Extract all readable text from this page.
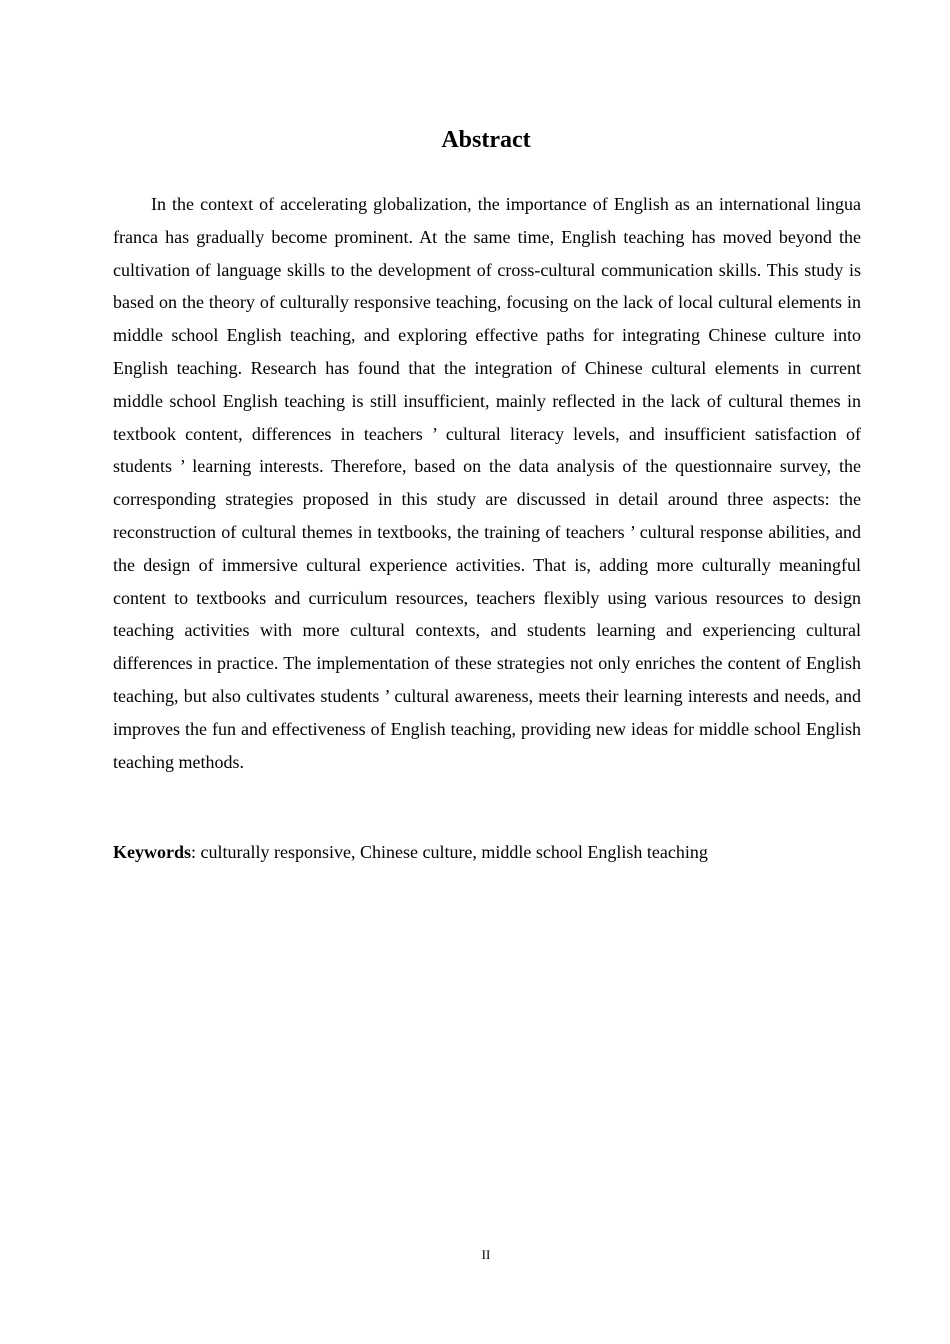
Abstract

In the context of accelerating globalization, the importance of English as an international lingua franca has gradually become prominent. At the same time, English teaching has moved beyond the cultivation of language skills to the development of cross-cultural communication skills. This study is based on the theory of culturally responsive teaching, focusing on the lack of local cultural elements in middle school English teaching, and exploring effective paths for integrating Chinese culture into English teaching. Research has found that the integration of Chinese cultural elements in current middle school English teaching is still insufficient, mainly reflected in the lack of cultural themes in textbook content, differences in teachers ’ cultural literacy levels, and insufficient satisfaction of students ’ learning interests. Therefore, based on the data analysis of the questionnaire survey, the corresponding strategies proposed in this study are discussed in detail around three aspects: the reconstruction of cultural themes in textbooks, the training of teachers ’ cultural response abilities, and the design of immersive cultural experience activities. That is, adding more culturally meaningful content to textbooks and curriculum resources, teachers flexibly using various resources to design teaching activities with more cultural contexts, and students learning and experiencing cultural differences in practice. The implementation of these strategies not only enriches the content of English teaching, but also cultivates students ’ cultural awareness, meets their learning interests and needs, and improves the fun and effectiveness of English teaching, providing new ideas for middle school English teaching methods.

Keywords: culturally responsive, Chinese culture, middle school English teaching

II
